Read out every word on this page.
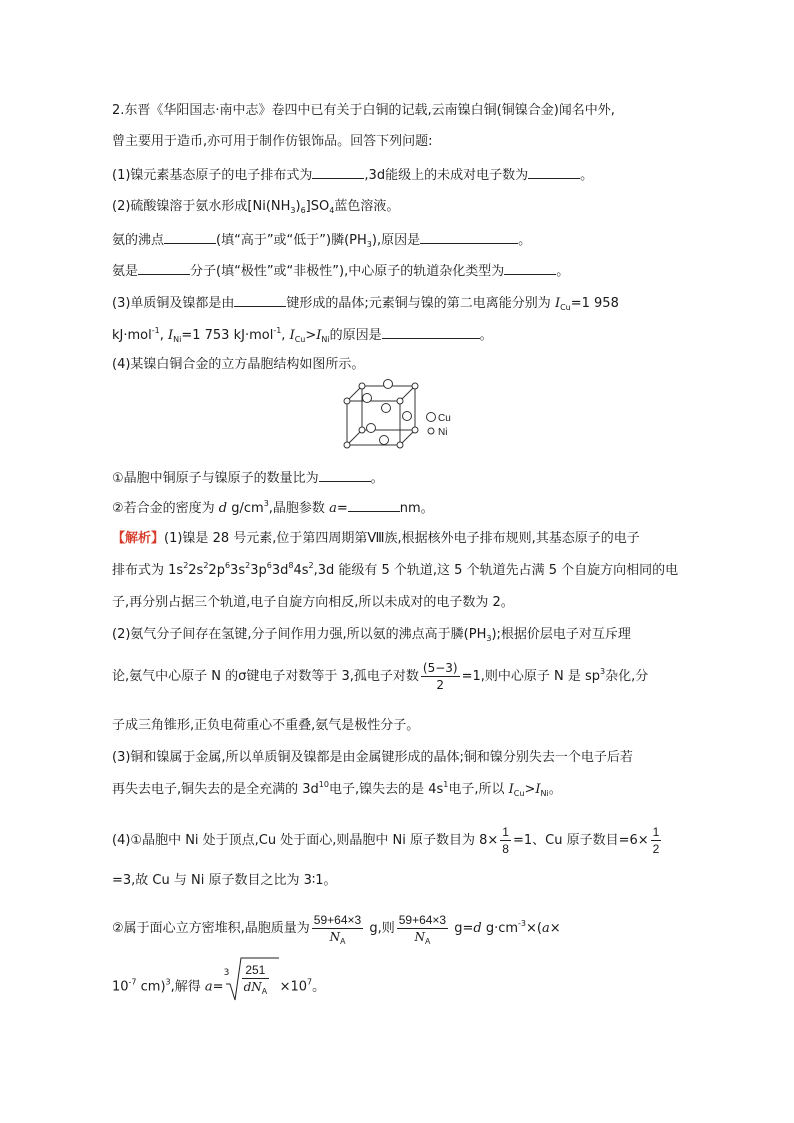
2.东晋《华阳国志·南中志》卷四中已有关于白铜的记载,云南镍白铜(铜镍合金)闻名中外,
曾主要用于造币,亦可用于制作仿银饰品。回答下列问题:
(1)镍元素基态原子的电子排布式为	,3d能级上的未成对电子数为	。
(2)硫酸镍溶于氨水形成$[Ni(NH_3)_6]SO_4$蓝色溶液。
氨的沸点	(填“高于”或“低于”)膦$(PH_3)$,原因是	。
氨是	分子(填“极性”或“非极性”),中心原子的轨道杂化类型为	。
(3)单质铜及镍都是由	键形成的晶体;元素铜与镍的第二电离能分别为 $I_{Cu}=1$ 958
kJ·mol$^{-1}$, $I_{Ni}=1$ 753 kJ·mol$^{-1}$, $I_{Cu}>I_{Ni}$的原因是	。
(4)某镍白铜合金的立方晶胞结构如图所示。
Cu
Ni
①晶胞中铜原子与镍原子的数量比为	。
②若合金的密度为 d $g/cm^3$,晶胞参数 a=	nm。
【解析】(1)镍是 28 号元素,位于第四周期第Ⅷ族,根据核外电子排布规则,其基态原子的电子
排布式为 $1s^22s^22p^63s^23p^63d^84s^2,3d$ 能级有 5 个轨道,这 5 个轨道先占满 5 个自旋方向相同的电
子,再分别占据三个轨道,电子自旋方向相反,所以未成对的电子数为 2。
(2)氨气分子间存在氢键,分子间作用力强,所以氨的沸点高于膦$(PH_3)$;根据价层电子对互斥理
论,氨气中心原子 N 的σ键电子对数等于 3,孤电子对数 $\frac{(5-3)}{2} =1$,则中心原子 N 是 $sp^3$杂化,分
子成三角锥形,正负电荷重心不重叠,氨气是极性分子。
(3)铜和镍属于金属,所以单质铜及镍都是由金属键形成的晶体;铜和镍分别失去一个电子后若
再失去电子,铜失去的是全充满的 $3d^{10}$电子,镍失去的是 $4s^1$电子,所以 $I_{Cu}>I_{Ni}$。
(4)①晶胞中 Ni 处于顶点,Cu 处于面心,则晶胞中 Ni 原子数目为 $8\times \frac{1}{8} =1$、Cu 原子数目$=6\times \frac{1}{2}$
=3,故 Cu 与 Ni 原子数目之比为 3∶1。
②属于面心立方密堆积,晶胞质量为 $\frac{59+64\times 3}{N_A} g$,则 $\frac{59+64\times 3}{N_A} g=d$ $g\cdot cm^{-3}\times(a\times$
$10^{-7}$ cm)$^3$,解得 a=
3	251
$dN_A \times 10^7$。
